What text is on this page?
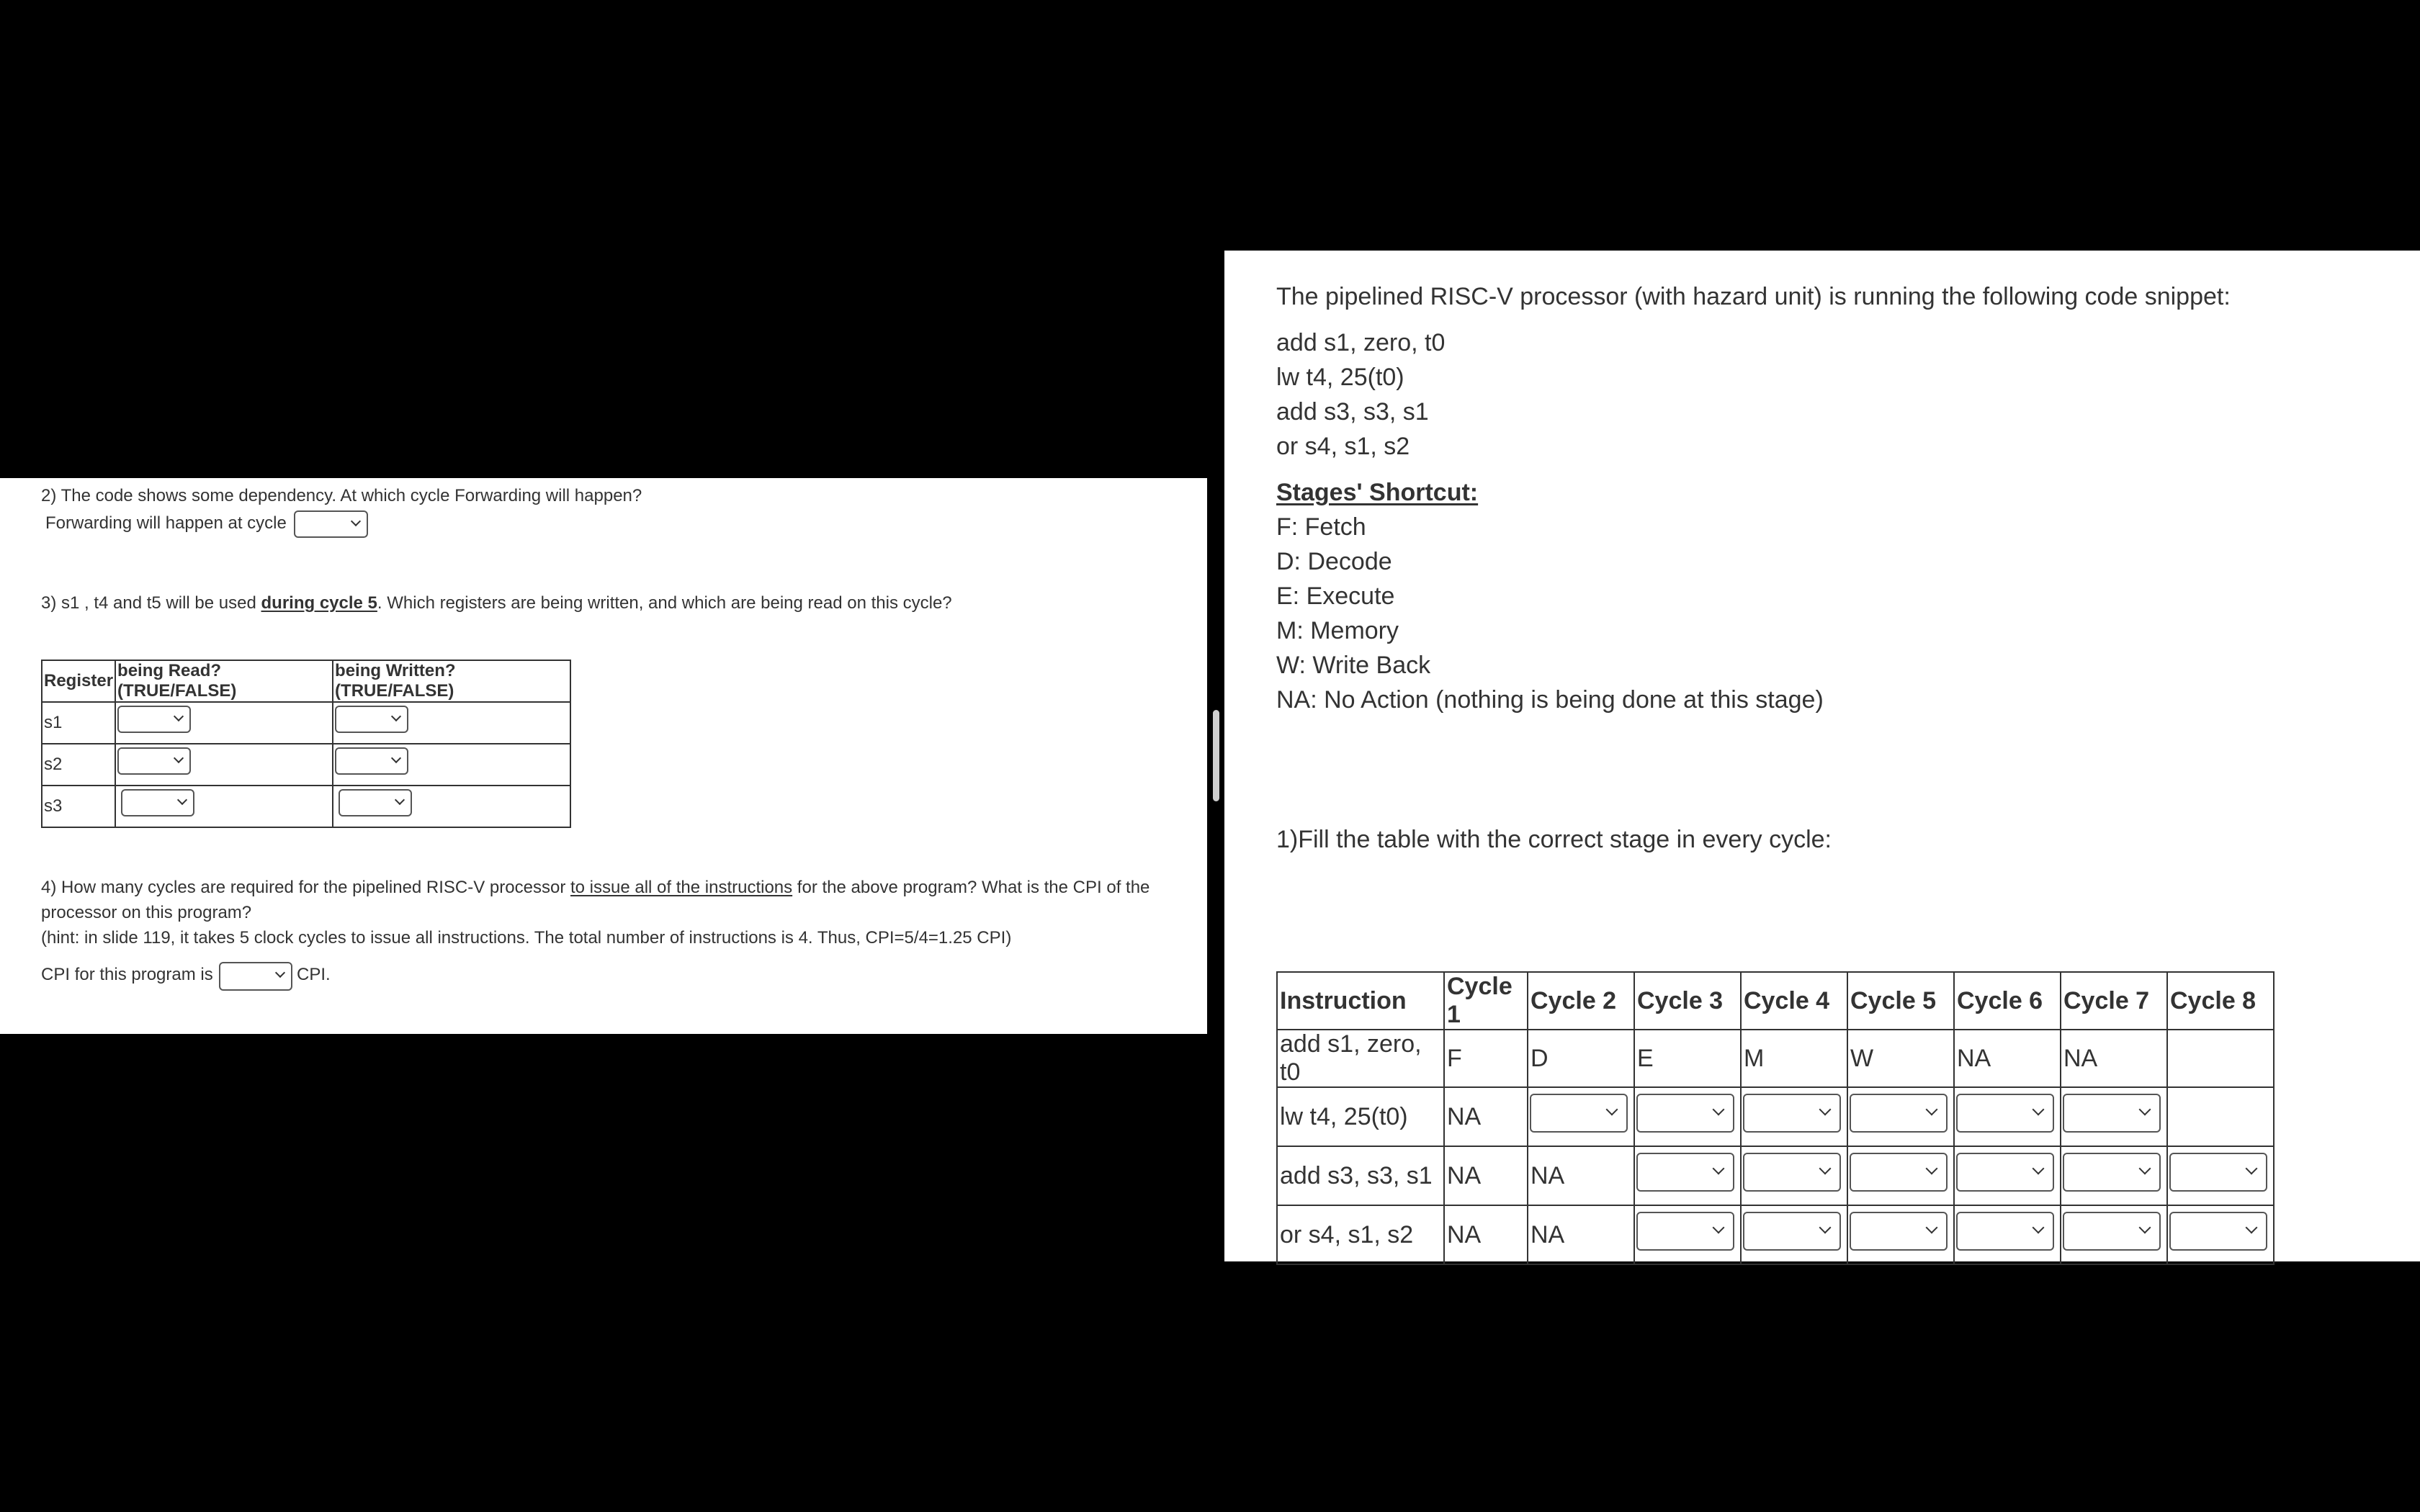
2) The code shows some dependency. At which cycle Forwarding will happen?
Forwarding will happen at cycle
3) s1 , t4 and t5 will be used during cycle 5. Which registers are being written, and which are being read on this cycle?
Register	being Read? (TRUE/FALSE)	being Written?(TRUE/FALSE)
s1	

s2	

s3	

4) How many cycles are required for the pipelined RISC-V processor to issue all of the instructions for the above program? What is the CPI of the
processor on this program?
(hint: in slide 119, it takes 5 clock cycles to issue all instructions. The total number of instructions is 4. Thus, CPI=5/4=1.25 CPI)
CPI for this program is	CPI.
The pipelined RISC-V processor (with hazard unit) is running the following code snippet:
add s1, zero, t0
lw t4, 25(t0)
add s3, s3, s1
or s4, s1, s2
Stages' Shortcut:
F: Fetch
D: Decode
E: Execute
M: Memory
W: Write Back
NA: No Action (nothing is being done at this stage)
1)Fill the table with the correct stage in every cycle:
Instruction	Cycle 1	Cycle 2	Cycle 3	Cycle 4	Cycle 5	Cycle 6	Cycle 7	Cycle 8
add s1, zero, t0	F	D	E	M	W	NA	NA	
lw t4, 25(t0)	NA	

add s3, s3, s1	NA	NA	

or s4, s1, s2	NA	NA	
